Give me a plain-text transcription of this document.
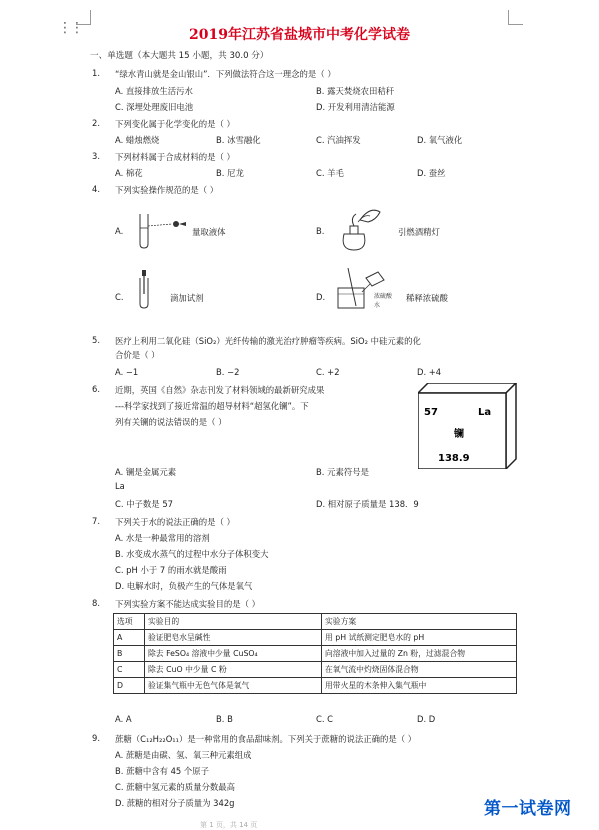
⋮⋮	2019年江苏省盐城市中考化学试卷
一、单选题（本大题共 15 小题，共 30.0 分）
1. “绿水青山就是金山银山”．下列做法符合这一理念的是（ ）
A. 直接排放生活污水	B. 露天焚烧农田秸秆
C. 深埋处理废旧电池	D. 开发利用清洁能源
2. 下列变化属于化学变化的是（ ）
A. 蜡烛燃烧	B. 冰雪融化	C. 汽油挥发	D. 氧气液化
3. 下列材料属于合成材料的是（ ）
A. 棉花	B. 尼龙	C. 羊毛	D. 蚕丝
4. 下列实验操作规范的是（ ）
A.	量取液体	B.	引燃酒精灯
C.	滴加试剂	D.	浓硫酸
水
稀释浓硫酸
5. 医疗上利用二氧化硅（SiO₂）光纤传输的激光治疗肿瘤等疾病。SiO₂ 中硅元素的化
合价是（ ）
A. −1	B. −2	C. +2	D. +4
6. 近期，英国《自然》杂志刊发了材料领域的最新研究成果
---科学家找到了接近常温的超导材料“超氢化镧”。下
列有关镧的说法错误的是（ ）
57	La
镧
138.9
A. 镧是金属元素	B. 元素符号是
La
C. 中子数是 57	D. 相对原子质量是 138．9
7. 下列关于水的说法正确的是（ ）
A. 水是一种最常用的溶剂
B. 水变成水蒸气的过程中水分子体积变大
C. pH 小于 7 的雨水就是酸雨
D. 电解水时，负极产生的气体是氧气
8. 下列实验方案不能达成实验目的是（ ）
选项	实验目的	实验方案
A	验证肥皂水呈碱性	用 pH 试纸测定肥皂水的 pH
B	除去 FeSO₄ 溶液中少量 CuSO₄	向溶液中加入过量的 Zn 粉，过滤混合物
C	除去 CuO 中少量 C 粉	在氧气流中灼烧固体混合物
D	验证集气瓶中无色气体是氧气	用带火星的木条伸入集气瓶中
A. A	B. B	C. C	D. D
9. 蔗糖（C₁₂H₂₂O₁₁）是一种常用的食品甜味剂。下列关于蔗糖的说法正确的是（ ）
A. 蔗糖是由碳、氢、氧三种元素组成
B. 蔗糖中含有 45 个原子
C. 蔗糖中氢元素的质量分数最高
D. 蔗糖的相对分子质量为 342g	第一试卷网
第 1 页，共 14 页
